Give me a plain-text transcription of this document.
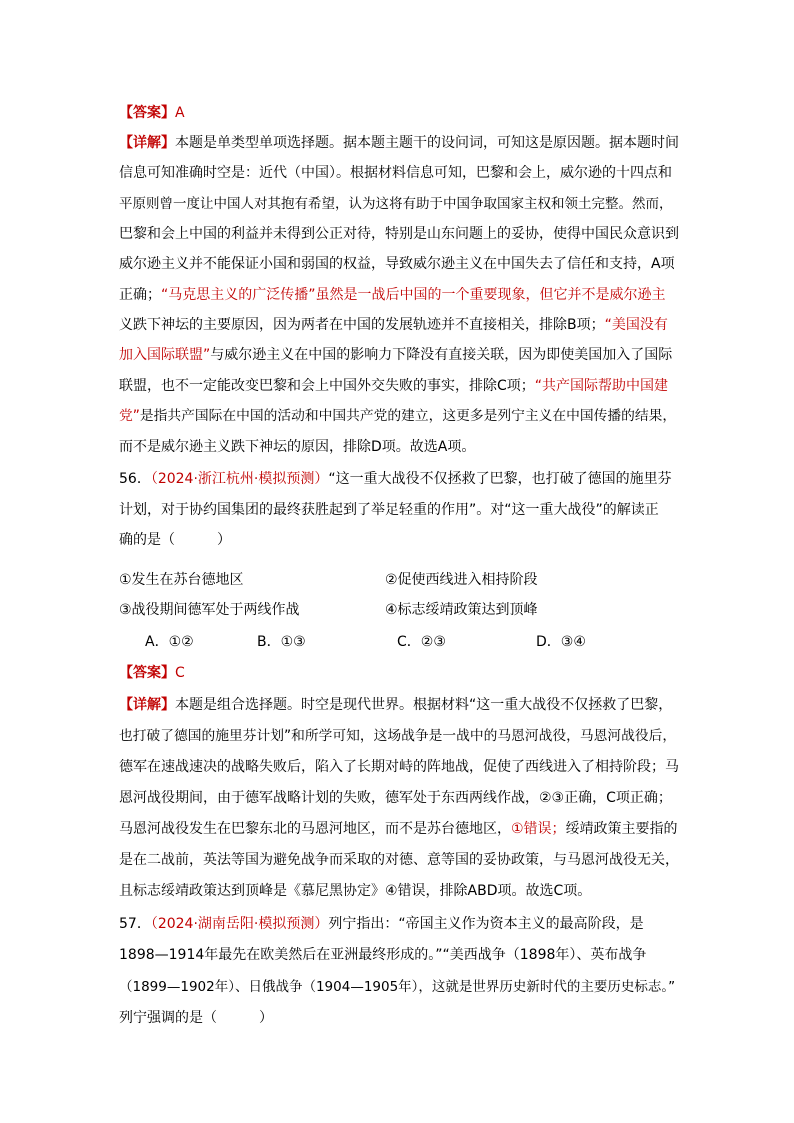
【答案】A
【详解】本题是单类型单项选择题。据本题主题干的设问词，可知这是原因题。据本题时间
信息可知准确时空是：近代（中国）。根据材料信息可知，巴黎和会上，威尔逊的十四点和
平原则曾一度让中国人对其抱有希望，认为这将有助于中国争取国家主权和领土完整。然而，
巴黎和会上中国的利益并未得到公正对待，特别是山东问题上的妥协，使得中国民众意识到
威尔逊主义并不能保证小国和弱国的权益，导致威尔逊主义在中国失去了信任和支持，A项
正确；“马克思主义的广泛传播”虽然是一战后中国的一个重要现象，但它并不是威尔逊主
义跌下神坛的主要原因，因为两者在中国的发展轨迹并不直接相关，排除B项；“美国没有
加入国际联盟”与威尔逊主义在中国的影响力下降没有直接关联，因为即使美国加入了国际
联盟，也不一定能改变巴黎和会上中国外交失败的事实，排除C项；“共产国际帮助中国建
党”是指共产国际在中国的活动和中国共产党的建立，这更多是列宁主义在中国传播的结果，
而不是威尔逊主义跌下神坛的原因，排除D项。故选A项。
56．（2024·浙江杭州·模拟预测）“这一重大战役不仅拯救了巴黎，也打破了德国的施里芬
计划，对于协约国集团的最终获胜起到了举足轻重的作用”。对“这一重大战役”的解读正
确的是（　　　）
①发生在苏台德地区	②促使西线进入相持阶段
③战役期间德军处于两线作战	④标志绥靖政策达到顶峰
A．①②	B．①③	C．②③	D．③④
【答案】C
【详解】本题是组合选择题。时空是现代世界。根据材料“这一重大战役不仅拯救了巴黎，
也打破了德国的施里芬计划”和所学可知，这场战争是一战中的马恩河战役，马恩河战役后，
德军在速战速决的战略失败后，陷入了长期对峙的阵地战，促使了西线进入了相持阶段；马
恩河战役期间，由于德军战略计划的失败，德军处于东西两线作战，②③正确，C项正确；
马恩河战役发生在巴黎东北的马恩河地区，而不是苏台德地区，①错误；绥靖政策主要指的
是在二战前，英法等国为避免战争而采取的对德、意等国的妥协政策，与马恩河战役无关，
且标志绥靖政策达到顶峰是《慕尼黑协定》④错误，排除ABD项。故选C项。
57．（2024·湖南岳阳·模拟预测）列宁指出：“帝国主义作为资本主义的最高阶段，是
1898—1914年最先在欧美然后在亚洲最终形成的。”“美西战争（1898年）、英布战争
（1899—1902年）、日俄战争（1904—1905年），这就是世界历史新时代的主要历史标志。”
列宁强调的是（　　　）
